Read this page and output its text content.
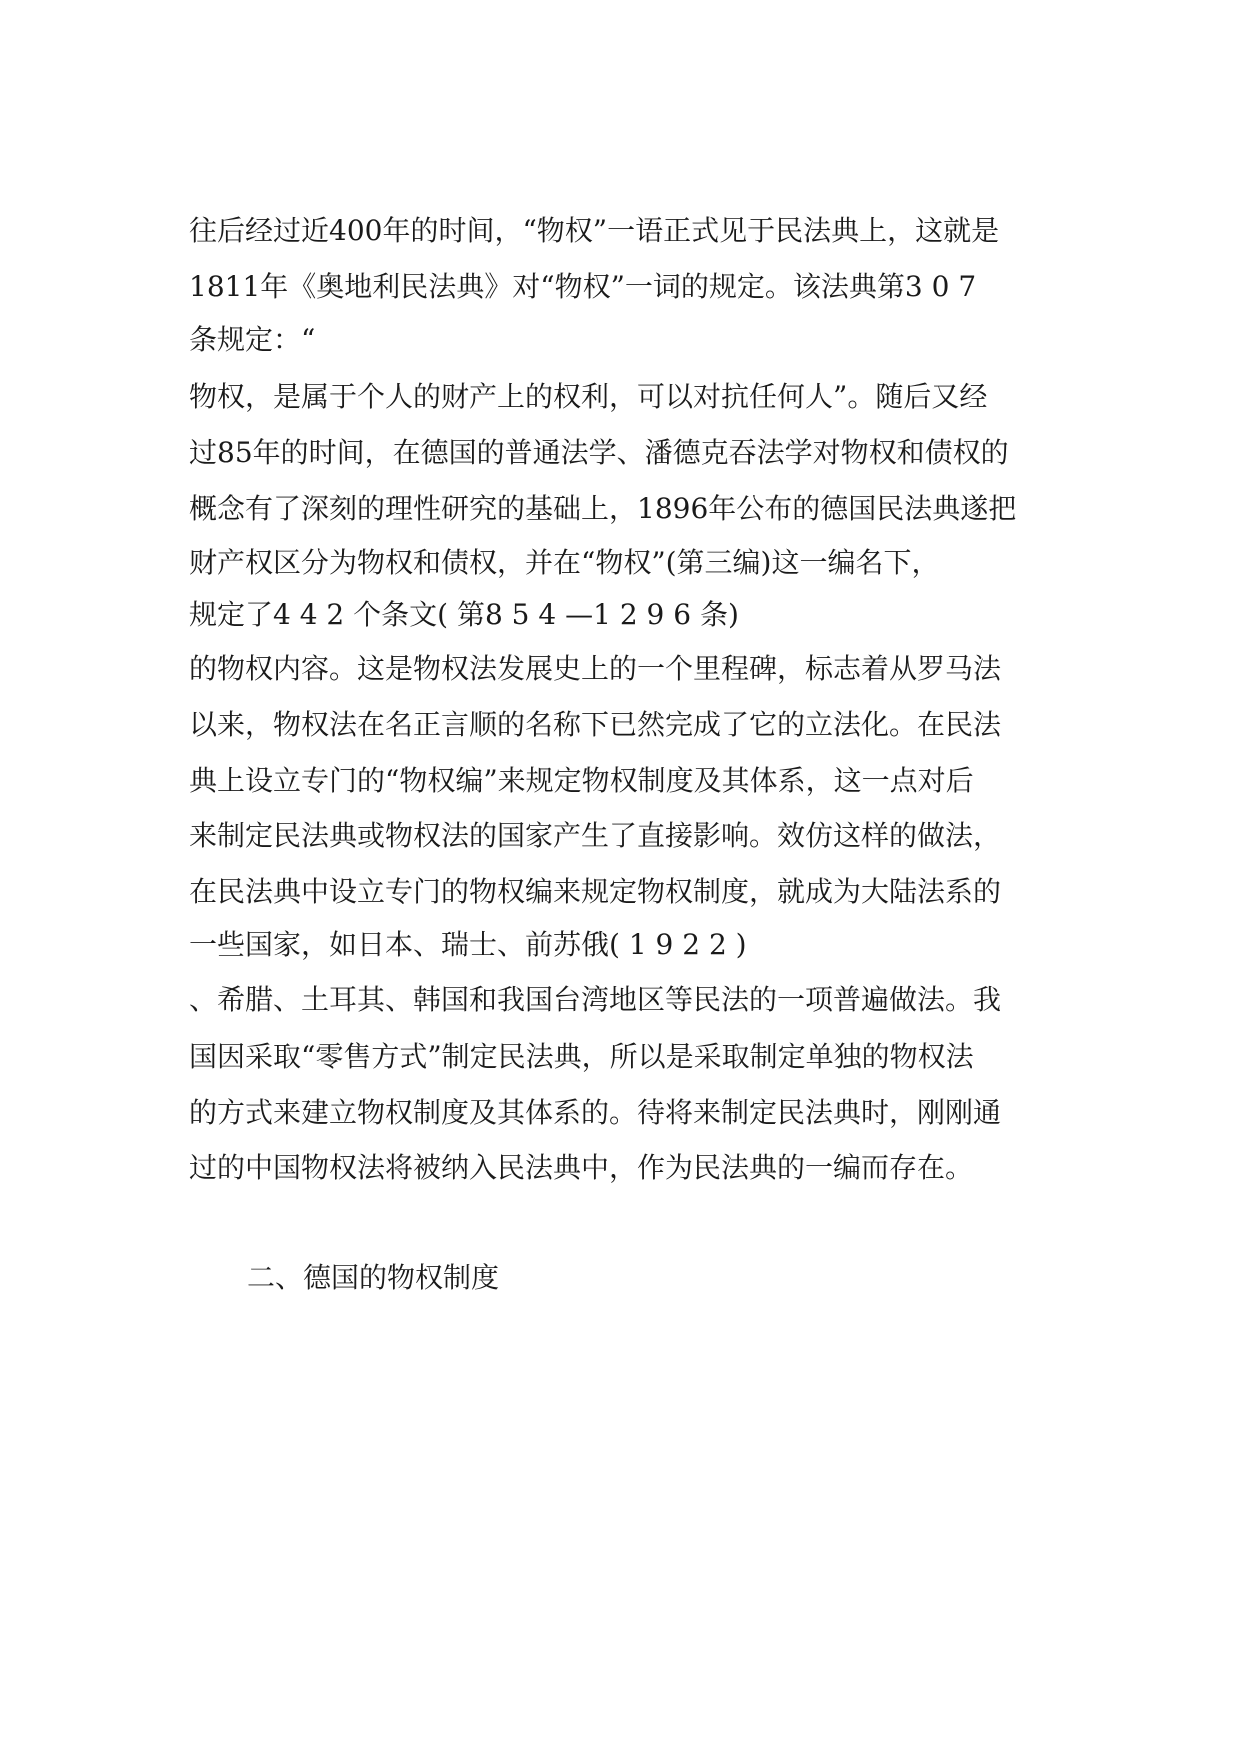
往后经过近400年的时间，“物权”一语正式见于民法典上，这就是
1811年《奥地利民法典》对“物权”一词的规定。该法典第3 0 7
条规定：“
物权，是属于个人的财产上的权利，可以对抗任何人”。随后又经
过85年的时间，在德国的普通法学、潘德克吞法学对物权和债权的
概念有了深刻的理性研究的基础上，1896年公布的德国民法典遂把
财产权区分为物权和债权，并在“物权”(第三编)这一编名下，
规定了4 4 2 个条文( 第8 5 4 —1 2 9 6 条)
的物权内容。这是物权法发展史上的一个里程碑，标志着从罗马法
以来，物权法在名正言顺的名称下已然完成了它的立法化。在民法
典上设立专门的“物权编”来规定物权制度及其体系，这一点对后
来制定民法典或物权法的国家产生了直接影响。效仿这样的做法，
在民法典中设立专门的物权编来规定物权制度，就成为大陆法系的
一些国家，如日本、瑞士、前苏俄( 1 9 2 2 )
、希腊、土耳其、韩国和我国台湾地区等民法的一项普遍做法。我
国因采取“零售方式”制定民法典，所以是采取制定单独的物权法
的方式来建立物权制度及其体系的。待将来制定民法典时，刚刚通
过的中国物权法将被纳入民法典中，作为民法典的一编而存在。
二、德国的物权制度
